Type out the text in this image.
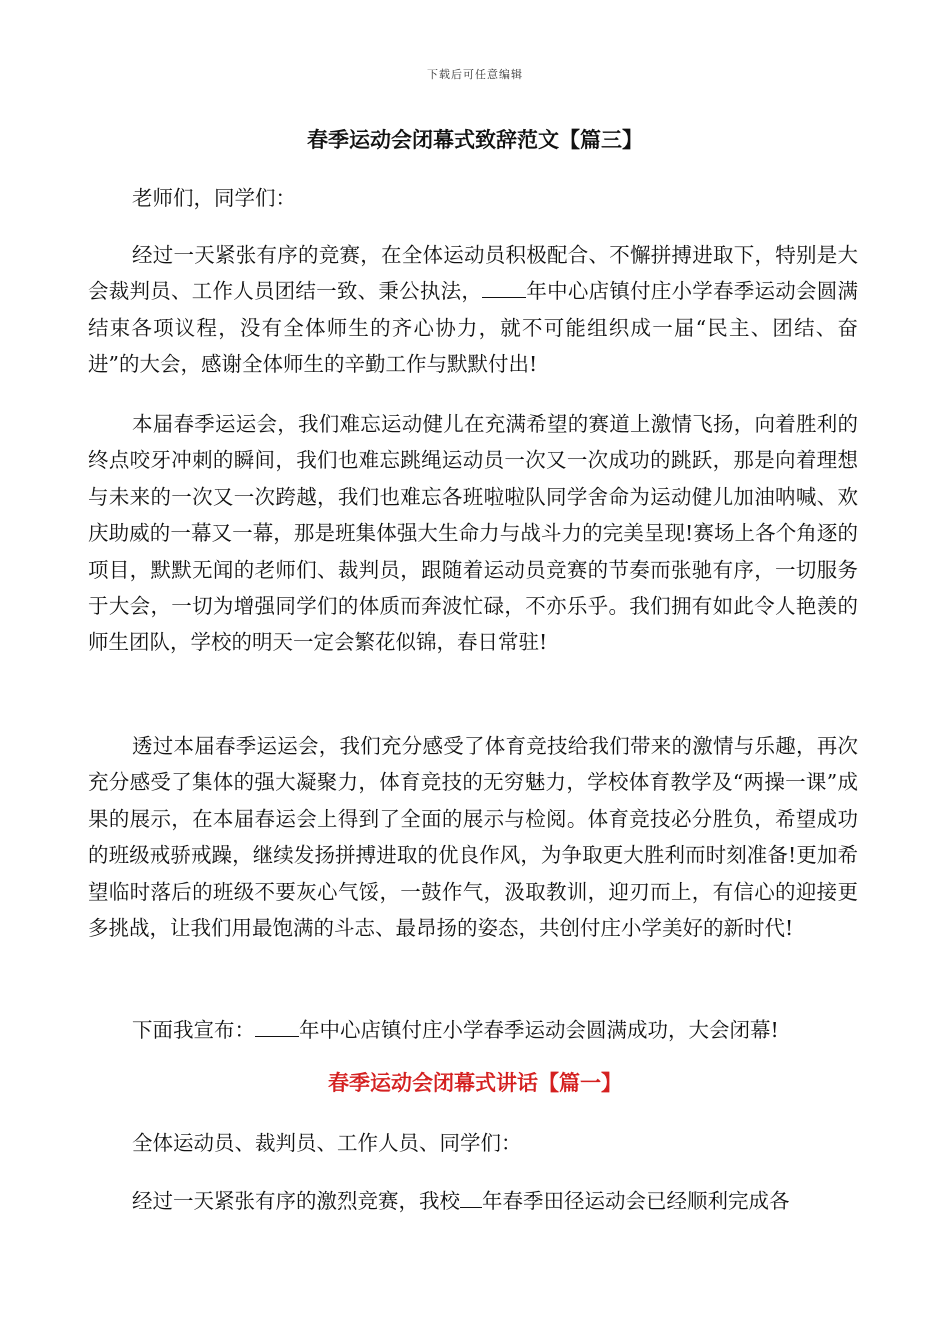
下载后可任意编辑
春季运动会闭幕式致辞范文【篇三】

老师们，同学们：

经过一天紧张有序的竞赛，在全体运动员积极配合、不懈拼搏进取下，特别是大会裁判员、工作人员团结一致、秉公执法， 年中心店镇付庄小学春季运动会圆满结束各项议程，没有全体师生的齐心协力，就不可能组织成一届“民主、团结、奋进”的大会，感谢全体师生的辛勤工作与默默付出!

本届春季运运会，我们难忘运动健儿在充满希望的赛道上激情飞扬，向着胜利的终点咬牙冲刺的瞬间，我们也难忘跳绳运动员一次又一次成功的跳跃，那是向着理想与未来的一次又一次跨越，我们也难忘各班啦啦队同学舍命为运动健儿加油呐喊、欢庆助威的一幕又一幕，那是班集体强大生命力与战斗力的完美呈现!赛场上各个角逐的项目，默默无闻的老师们、裁判员，跟随着运动员竞赛的节奏而张驰有序，一切服务于大会，一切为增强同学们的体质而奔波忙碌，不亦乐乎。我们拥有如此令人艳羡的师生团队，学校的明天一定会繁花似锦，春日常驻!

透过本届春季运运会，我们充分感受了体育竞技给我们带来的激情与乐趣，再次充分感受了集体的强大凝聚力，体育竞技的无穷魅力，学校体育教学及“两操一课”成果的展示，在本届春运会上得到了全面的展示与检阅。体育竞技必分胜负，希望成功的班级戒骄戒躁，继续发扬拼搏进取的优良作风，为争取更大胜利而时刻准备!更加希望临时落后的班级不要灰心气馁，一鼓作气，汲取教训，迎刃而上，有信心的迎接更多挑战，让我们用最饱满的斗志、最昂扬的姿态，共创付庄小学美好的新时代!

下面我宣布： 年中心店镇付庄小学春季运动会圆满成功，大会闭幕!

春季运动会闭幕式讲话【篇一】

全体运动员、裁判员、工作人员、同学们：

经过一天紧张有序的激烈竞赛，我校 年春季田径运动会已经顺利完成各
